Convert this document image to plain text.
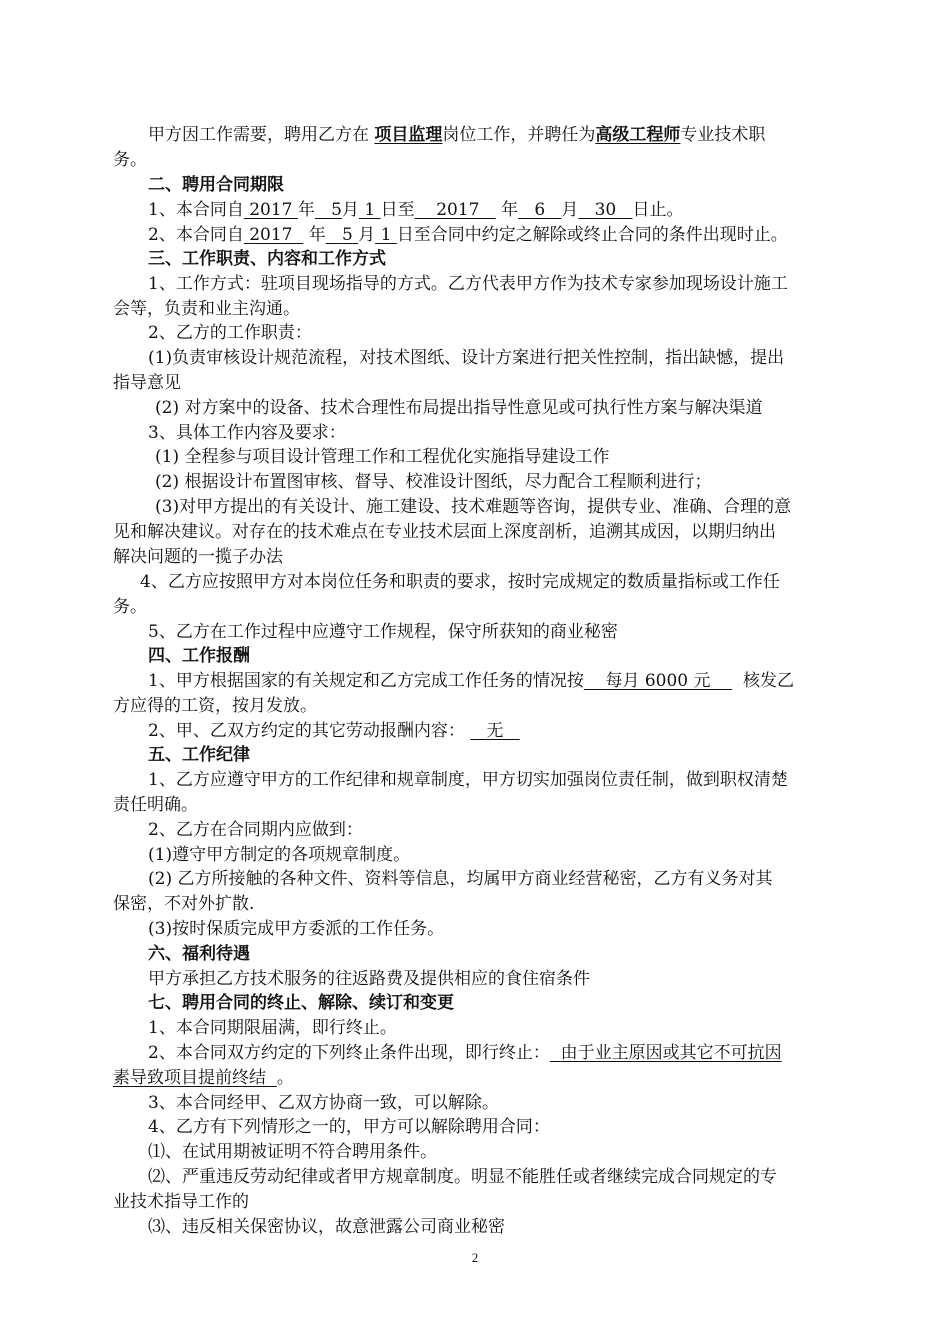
甲方因工作需要，聘用乙方在 项目监理岗位工作，并聘任为高级工程师专业技术职
务。
二、聘用合同期限
1、本合同自 2017 年 5月 1 日至 2017 年 6 月 30 日止。
2、本合同自 2017 年 5 月 1 日至合同中约定之解除或终止合同的条件出现时止。
三、工作职责、内容和工作方式
1、工作方式：驻项目现场指导的方式。乙方代表甲方作为技术专家参加现场设计施工
会等，负责和业主沟通。
2、乙方的工作职责：
(1)负责审核设计规范流程，对技术图纸、设计方案进行把关性控制，指出缺憾，提出
指导意见
(2) 对方案中的设备、技术合理性布局提出指导性意见或可执行性方案与解决渠道
3、具体工作内容及要求：
(1) 全程参与项目设计管理工作和工程优化实施指导建设工作
(2) 根据设计布置图审核、督导、校准设计图纸，尽力配合工程顺利进行；
(3)对甲方提出的有关设计、施工建设、技术难题等咨询，提供专业、准确、合理的意
见和解决建议。对存在的技术难点在专业技术层面上深度剖析，追溯其成因，以期归纳出
解决问题的一揽子办法
4、乙方应按照甲方对本岗位任务和职责的要求，按时完成规定的数质量指标或工作任
务。
5、乙方在工作过程中应遵守工作规程，保守所获知的商业秘密
四、工作报酬
1、甲方根据国家的有关规定和乙方完成工作任务的情况按 每月 6000 元 核发乙
方应得的工资，按月发放。
2、甲、乙双方约定的其它劳动报酬内容： 无
五、工作纪律
1、乙方应遵守甲方的工作纪律和规章制度，甲方切实加强岗位责任制，做到职权清楚
责任明确。
2、乙方在合同期内应做到：
(1)遵守甲方制定的各项规章制度。
(2) 乙方所接触的各种文件、资料等信息，均属甲方商业经营秘密，乙方有义务对其
保密，不对外扩散.
(3)按时保质完成甲方委派的工作任务。
六、福利待遇
甲方承担乙方技术服务的往返路费及提供相应的食住宿条件
七、聘用合同的终止、解除、续订和变更
1、本合同期限届满，即行终止。
2、本合同双方约定的下列终止条件出现，即行终止： 由于业主原因或其它不可抗因
素导致项目提前终结 。
3、本合同经甲、乙双方协商一致，可以解除。
4、乙方有下列情形之一的，甲方可以解除聘用合同：
⑴、在试用期被证明不符合聘用条件。
⑵、严重违反劳动纪律或者甲方规章制度。明显不能胜任或者继续完成合同规定的专
业技术指导工作的
⑶、违反相关保密协议，故意泄露公司商业秘密
2
